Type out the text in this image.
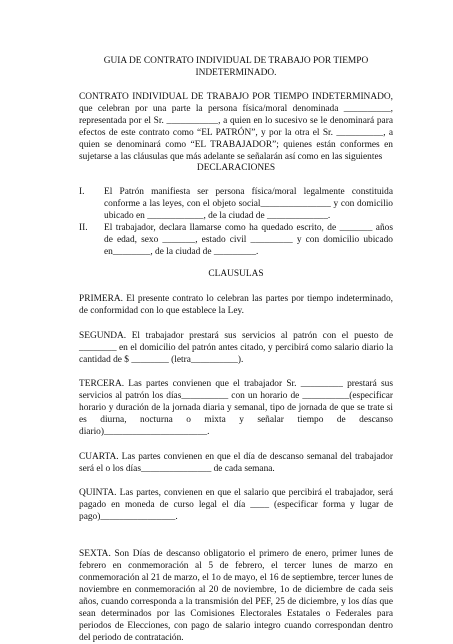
GUIA DE CONTRATO INDIVIDUAL DE TRABAJO POR TIEMPO
INDETERMINADO.

CONTRATO INDIVIDUAL DE TRABAJO POR TIEMPO INDETERMINADO, que celebran por una parte la persona física/moral denominada __________, representada por el Sr. ___________, a quien en lo sucesivo se le denominará para efectos de este contrato como “EL PATRÓN”, y por la otra el Sr. __________, a quien se denominará como “EL TRABAJADOR”; quienes están conformes en sujetarse a las cláusulas que más adelante se señalarán así como en las siguientes

DECLARACIONES
I.	El Patrón manifiesta ser persona física/moral legalmente constituida conforme a las leyes, con el objeto social_______________ y con domicilio ubicado en ____________, de la ciudad de _____________.
II.	El trabajador, declara llamarse como ha quedado escrito, de _______ años de edad, sexo _______, estado civil _________ y con domicilio ubicado en________, de la ciudad de _________.
CLAUSULAS

PRIMERA. El presente contrato lo celebran las partes por tiempo indeterminado, de conformidad con lo que establece la Ley.

SEGUNDA. El trabajador prestará sus servicios al patrón con el puesto de ________ en el domicilio del patrón antes citado, y percibirá como salario diario la cantidad de $ ________ (letra__________).

TERCERA. Las partes convienen que el trabajador Sr. _________ prestará sus servicios al patrón los días__________ con un horario de __________(especificar horario y duración de la jornada diaria y semanal, tipo de jornada de que se trate si es diurna, nocturna o mixta y señalar tiempo de descanso diario)______________________.

CUARTA. Las partes convienen en que el día de descanso semanal del trabajador será el o los días_______________ de cada semana.

QUINTA. Las partes, convienen en que el salario que percibirá el trabajador, será pagado en moneda de curso legal el día ____ (especificar forma y lugar de pago)________________.

SEXTA. Son Días de descanso obligatorio el primero de enero, primer lunes de febrero en conmemoración al 5 de febrero, el tercer lunes de marzo en conmemoración al 21 de marzo, el 1o de mayo, el 16 de septiembre, tercer lunes de noviembre en conmemoración al 20 de noviembre, 1o de diciembre de cada seis años, cuando corresponda a la transmisión del PEF, 25 de diciembre, y los días que sean determinados por las Comisiones Electorales Estatales o Federales para periodos de Elecciones, con pago de salario integro cuando correspondan dentro del periodo de contratación.
